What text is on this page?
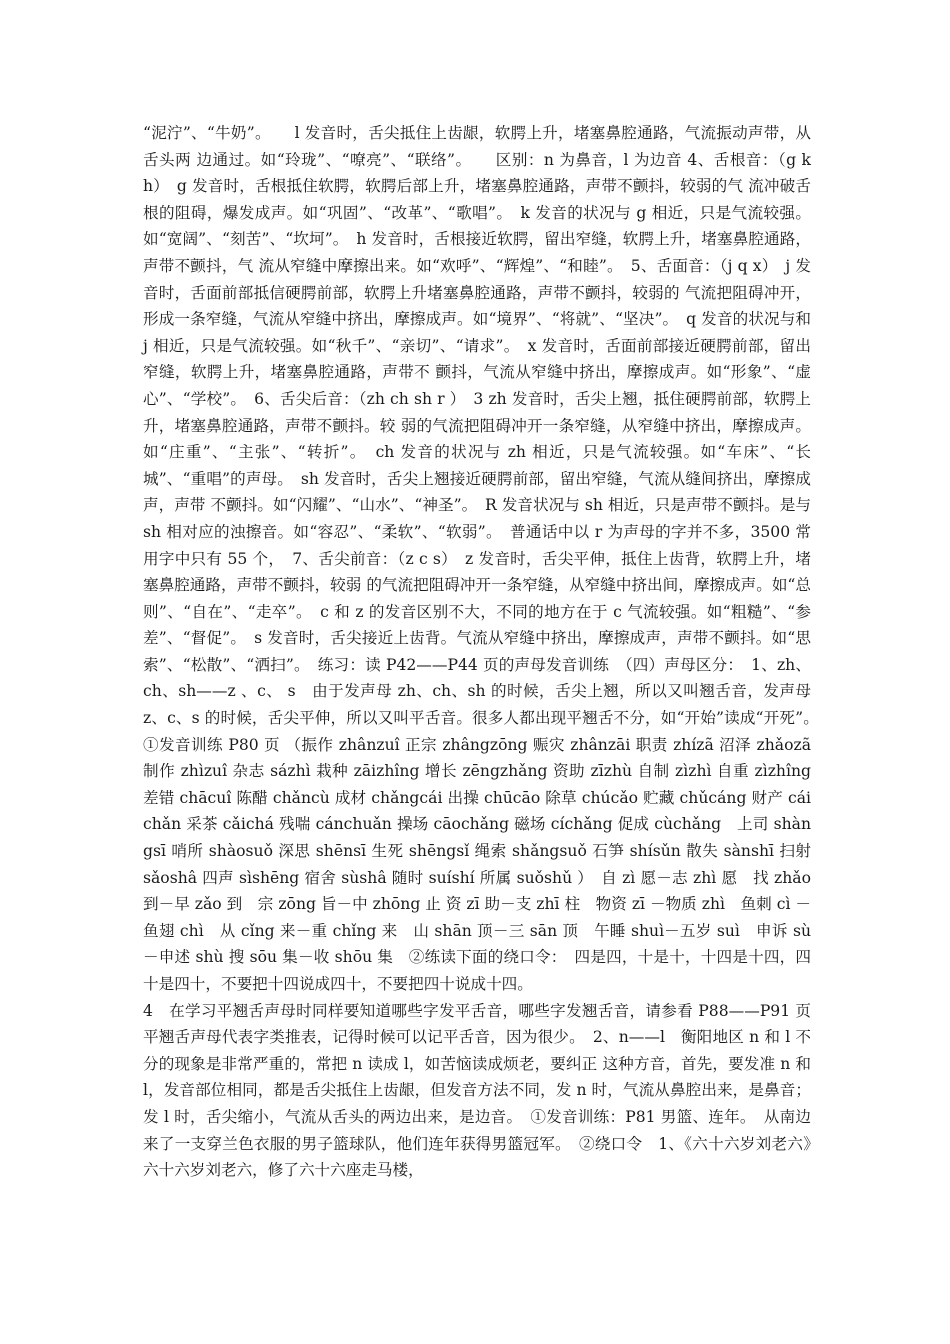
“泥泞”、“牛奶”。　　l 发音时，舌尖抵住上齿龈，软腭上升，堵塞鼻腔通路，气流振动声带，从舌头两 边通过。如“玲珑”、“嘹亮”、“联络”。　　区别：n 为鼻音，l 为边音 4、舌根音：（g k h）　g 发音时，舌根抵住软腭，软腭后部上升，堵塞鼻腔通路，声带不颤抖，较弱的气 流冲破舌根的阻碍，爆发成声。如“巩固”、“改革”、“歌唱”。　k 发音的状况与 g 相近，只是气流较强。如“宽阔”、“刻苦”、“坎坷”。　h 发音时，舌根接近软腭，留出窄缝，软腭上升，堵塞鼻腔通路，声带不颤抖，气 流从窄缝中摩擦出来。如“欢呼”、“辉煌”、“和睦”。　5、舌面音：（j q x）　j 发音时，舌面前部抵信硬腭前部，软腭上升堵塞鼻腔通路，声带不颤抖，较弱的 气流把阻碍冲开，形成一条窄缝，气流从窄缝中挤出，摩擦成声。如“境界”、“将就”、“坚决”。　q 发音的状况与和 j 相近，只是气流较强。如“秋千”、“亲切”、“请求”。　x 发音时，舌面前部接近硬腭前部，留出窄缝，软腭上升，堵塞鼻腔通路，声带不 颤抖，气流从窄缝中挤出，摩擦成声。如“形象”、“虚心”、“学校”。　6、舌尖后音：（zh ch sh r ）　3 zh 发音时，舌尖上翘，抵住硬腭前部，软腭上升，堵塞鼻腔通路，声带不颤抖。较 弱的气流把阻碍冲开一条窄缝，从窄缝中挤出，摩擦成声。如“庄重”、“主张”、“转折”。　ch 发音的状况与 zh 相近，只是气流较强。如“车床”、“长城”、“重唱”的声母。　sh 发音时，舌尖上翘接近硬腭前部，留出窄缝，气流从缝间挤出，摩擦成声，声带 不颤抖。如“闪耀”、“山水”、“神圣”。　R 发音状况与 sh 相近，只是声带不颤抖。是与 sh 相对应的浊擦音。如“容忍”、“柔软”、“软弱”。　普通话中以 r 为声母的字并不多，3500 常用字中只有 55 个，　7、舌尖前音：（z c s）　z 发音时，舌尖平伸，抵住上齿背，软腭上升，堵塞鼻腔通路，声带不颤抖，较弱 的气流把阻碍冲开一条窄缝，从窄缝中挤出间，摩擦成声。如“总则”、“自在”、“走卒”。　c 和 z 的发音区别不大，不同的地方在于 c 气流较强。如“粗糙”、“参差”、“督促”。　s 发音时，舌尖接近上齿背。气流从窄缝中挤出，摩擦成声，声带不颤抖。如“思 索”、“松散”、“洒扫”。　练习：读 P42——P44 页的声母发音训练　（四）声母区分：　1、zh、ch、sh——z 、c、 s　由于发声母 zh、ch、sh 的时候，舌尖上翘，所以又叫翘舌音，发声母 z、c、s 的时候，舌尖平伸，所以又叫平舌音。很多人都出现平翘舌不分，如“开始”读成“开死”。　①发音训练 P80 页 （振作 zhânzuî 正宗 zhângzōng 赈灾 zhânzāi 职责 zhízã 沼泽 zhǎozã 制作 zhìzuî 杂志 sázhì 栽种 zāizhîng 增长 zēngzhǎng 资助 zīzhù 自制 zìzhì 自重 zìzhîng　差错 chācuî 陈醋 chǎncù 成材 chǎngcái 出操 chūcāo 除草 chúcǎo 贮藏 chǔcáng 财产 cáichǎn 采茶 cǎichá 残喘 cánchuǎn 操场 cāochǎng 磁场 cíchǎng 促成 cùchǎng　上司 shàngsī 哨所 shàosuǒ 深思 shēnsī 生死 shēngsǐ 绳索 shǎngsuǒ 石笋 shísǔn 散失 sànshī 扫射 sǎoshâ 四声 sìshēng 宿舍 sùshâ 随时 suíshí 所属 suǒshǔ ）　自 zì 愿－志 zhì 愿　找 zhǎo 到－早 zǎo 到　宗 zōng 旨－中 zhōng 止 资 zī 助－支 zhī 柱　物资 zī －物质 zhì　鱼刺 cì －鱼翅 chì　从 cǐng 来－重 chǐng 来　山 shān 顶－三 sān 顶　午睡 shuì－五岁 suì　申诉 sù －申述 shù 搜 sōu 集－收 shōu 集　②练读下面的绕口令：　四是四，十是十，十四是十四，四十是四十，不要把十四说成四十，不要把四十说成十四。

4　在学习平翘舌声母时同样要知道哪些字发平舌音，哪些字发翘舌音，请参看 P88——P91 页平翘舌声母代表字类推表，记得时候可以记平舌音，因为很少。　2、n——l　衡阳地区 n 和 l 不分的现象是非常严重的，常把 n 读成 l，如苦恼读成烦老，要纠正 这种方音，首先，要发准 n 和 l，发音部位相同，都是舌尖抵住上齿龈，但发音方法不同，发 n 时，气流从鼻腔出来，是鼻音；发 l 时，舌尖缩小，气流从舌头的两边出来，是边音。　①发音训练：P81 男篮、连年。　从南边来了一支穿兰色衣服的男子篮球队，他们连年获得男篮冠军。　②绕口令　1、《六十六岁刘老六》　六十六岁刘老六，修了六十六座走马楼，
